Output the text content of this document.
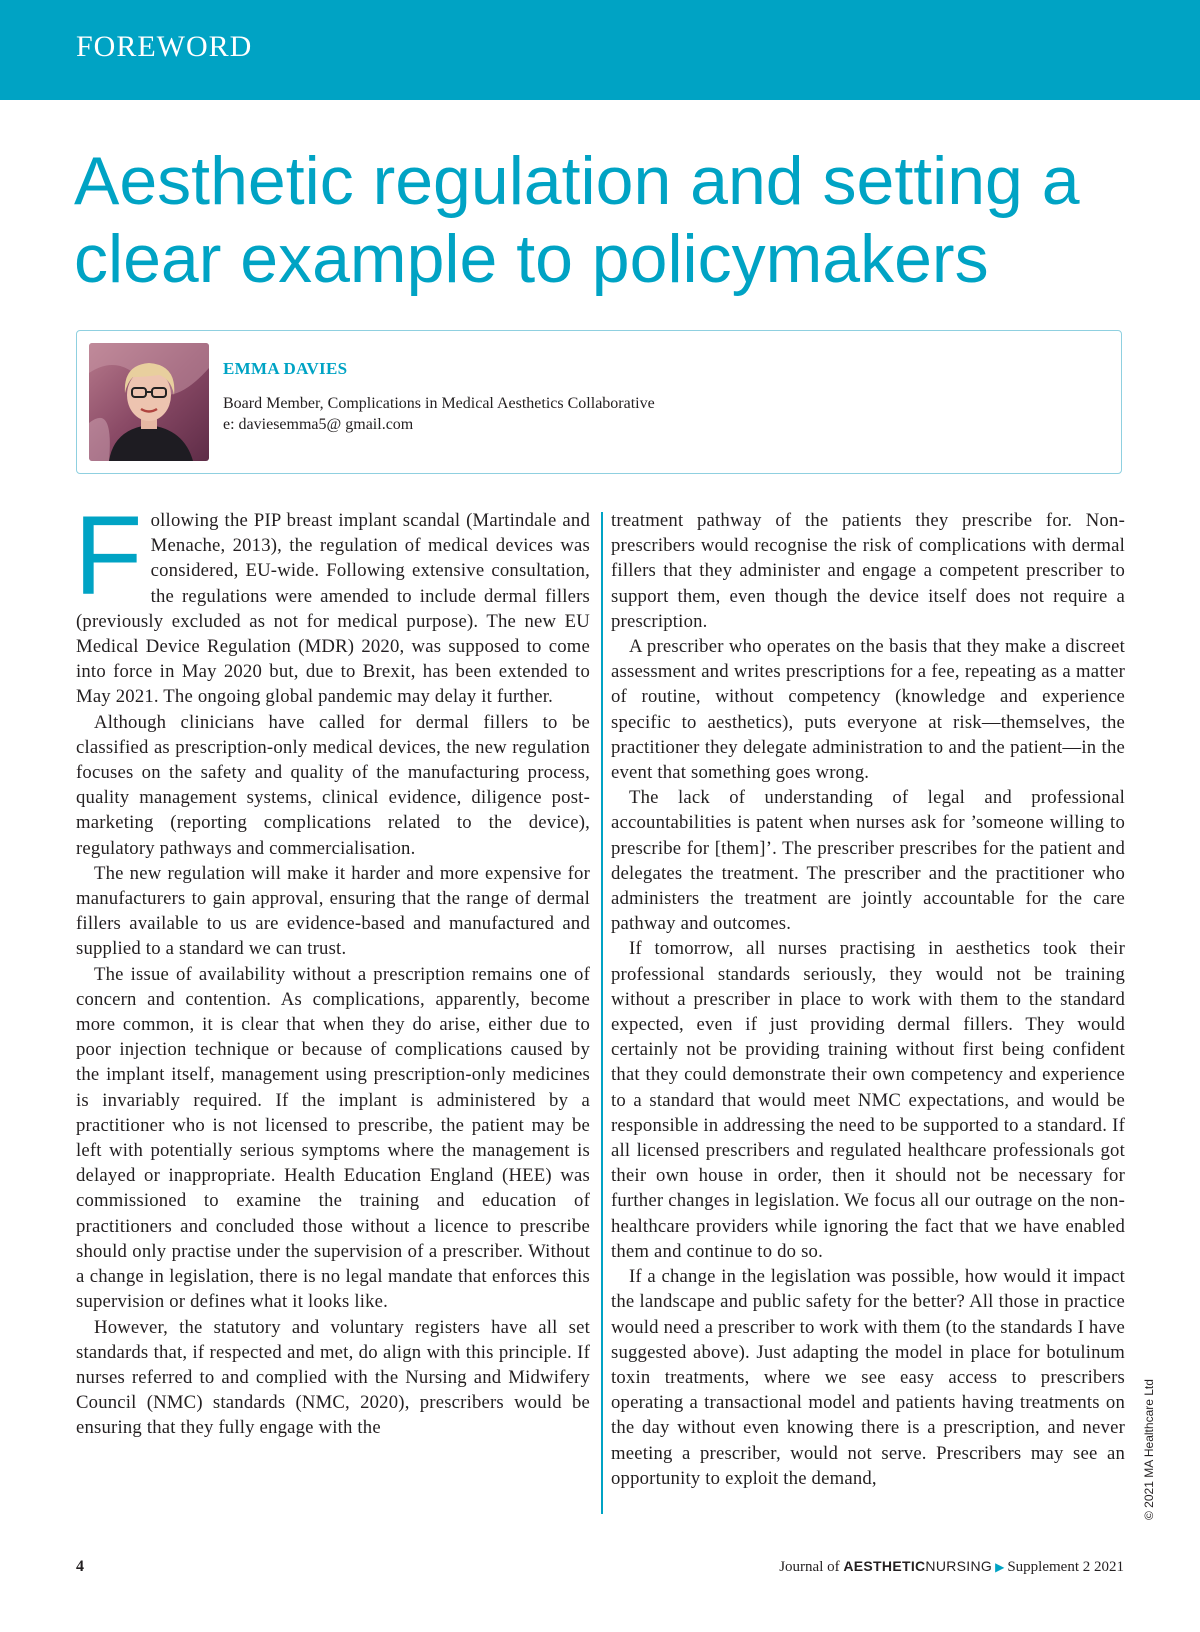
FOREWORD
Aesthetic regulation and setting a clear example to policymakers
EMMA DAVIES
Board Member, Complications in Medical Aesthetics Collaborative
e: daviesemma5@ gmail.com

Following the PIP breast implant scandal (Martindale and Menache, 2013), the regulation of medical devices was considered, EU-wide. Following extensive consultation, the regulations were amended to include dermal fillers (previously excluded as not for medical purpose). The new EU Medical Device Regulation (MDR) 2020, was supposed to come into force in May 2020 but, due to Brexit, has been extended to May 2021. The ongoing global pandemic may delay it further.

Although clinicians have called for dermal fillers to be classified as prescription-only medical devices, the new regulation focuses on the safety and quality of the manufacturing process, quality management systems, clinical evidence, diligence post-marketing (reporting complications related to the device), regulatory pathways and commercialisation.

The new regulation will make it harder and more expensive for manufacturers to gain approval, ensuring that the range of dermal fillers available to us are evidence-based and manufactured and supplied to a standard we can trust.

The issue of availability without a prescription remains one of concern and contention. As complications, apparently, become more common, it is clear that when they do arise, either due to poor injection technique or because of complications caused by the implant itself, management using prescription-only medicines is invariably required. If the implant is administered by a practitioner who is not licensed to prescribe, the patient may be left with potentially serious symptoms where the management is delayed or inappropriate. Health Education England (HEE) was commissioned to examine the training and education of practitioners and concluded those without a licence to prescribe should only practise under the supervision of a prescriber. Without a change in legislation, there is no legal mandate that enforces this supervision or defines what it looks like.

However, the statutory and voluntary registers have all set standards that, if respected and met, do align with this principle. If nurses referred to and complied with the Nursing and Midwifery Council (NMC) standards (NMC, 2020), prescribers would be ensuring that they fully engage with the

treatment pathway of the patients they prescribe for. Non-prescribers would recognise the risk of complications with dermal fillers that they administer and engage a competent prescriber to support them, even though the device itself does not require a prescription.

A prescriber who operates on the basis that they make a discreet assessment and writes prescriptions for a fee, repeating as a matter of routine, without competency (knowledge and experience specific to aesthetics), puts everyone at risk—themselves, the practitioner they delegate administration to and the patient—in the event that something goes wrong.

The lack of understanding of legal and professional accountabilities is patent when nurses ask for ’someone willing to prescribe for [them]’. The prescriber prescribes for the patient and delegates the treatment. The prescriber and the practitioner who administers the treatment are jointly accountable for the care pathway and outcomes.

If tomorrow, all nurses practising in aesthetics took their professional standards seriously, they would not be training without a prescriber in place to work with them to the standard expected, even if just providing dermal fillers. They would certainly not be providing training without first being confident that they could demonstrate their own competency and experience to a standard that would meet NMC expectations, and would be responsible in addressing the need to be supported to a standard. If all licensed prescribers and regulated healthcare professionals got their own house in order, then it should not be necessary for further changes in legislation. We focus all our outrage on the non-healthcare providers while ignoring the fact that we have enabled them and continue to do so.

If a change in the legislation was possible, how would it impact the landscape and public safety for the better? All those in practice would need a prescriber to work with them (to the standards I have suggested above). Just adapting the model in place for botulinum toxin treatments, where we see easy access to prescribers operating a transactional model and patients having treatments on the day without even knowing there is a prescription, and never meeting a prescriber, would not serve. Prescribers may see an opportunity to exploit the demand,	© 2021 MA Healthcare Ltd
4	Journal of AESTHETICNURSING ▶ Supplement 2 2021
